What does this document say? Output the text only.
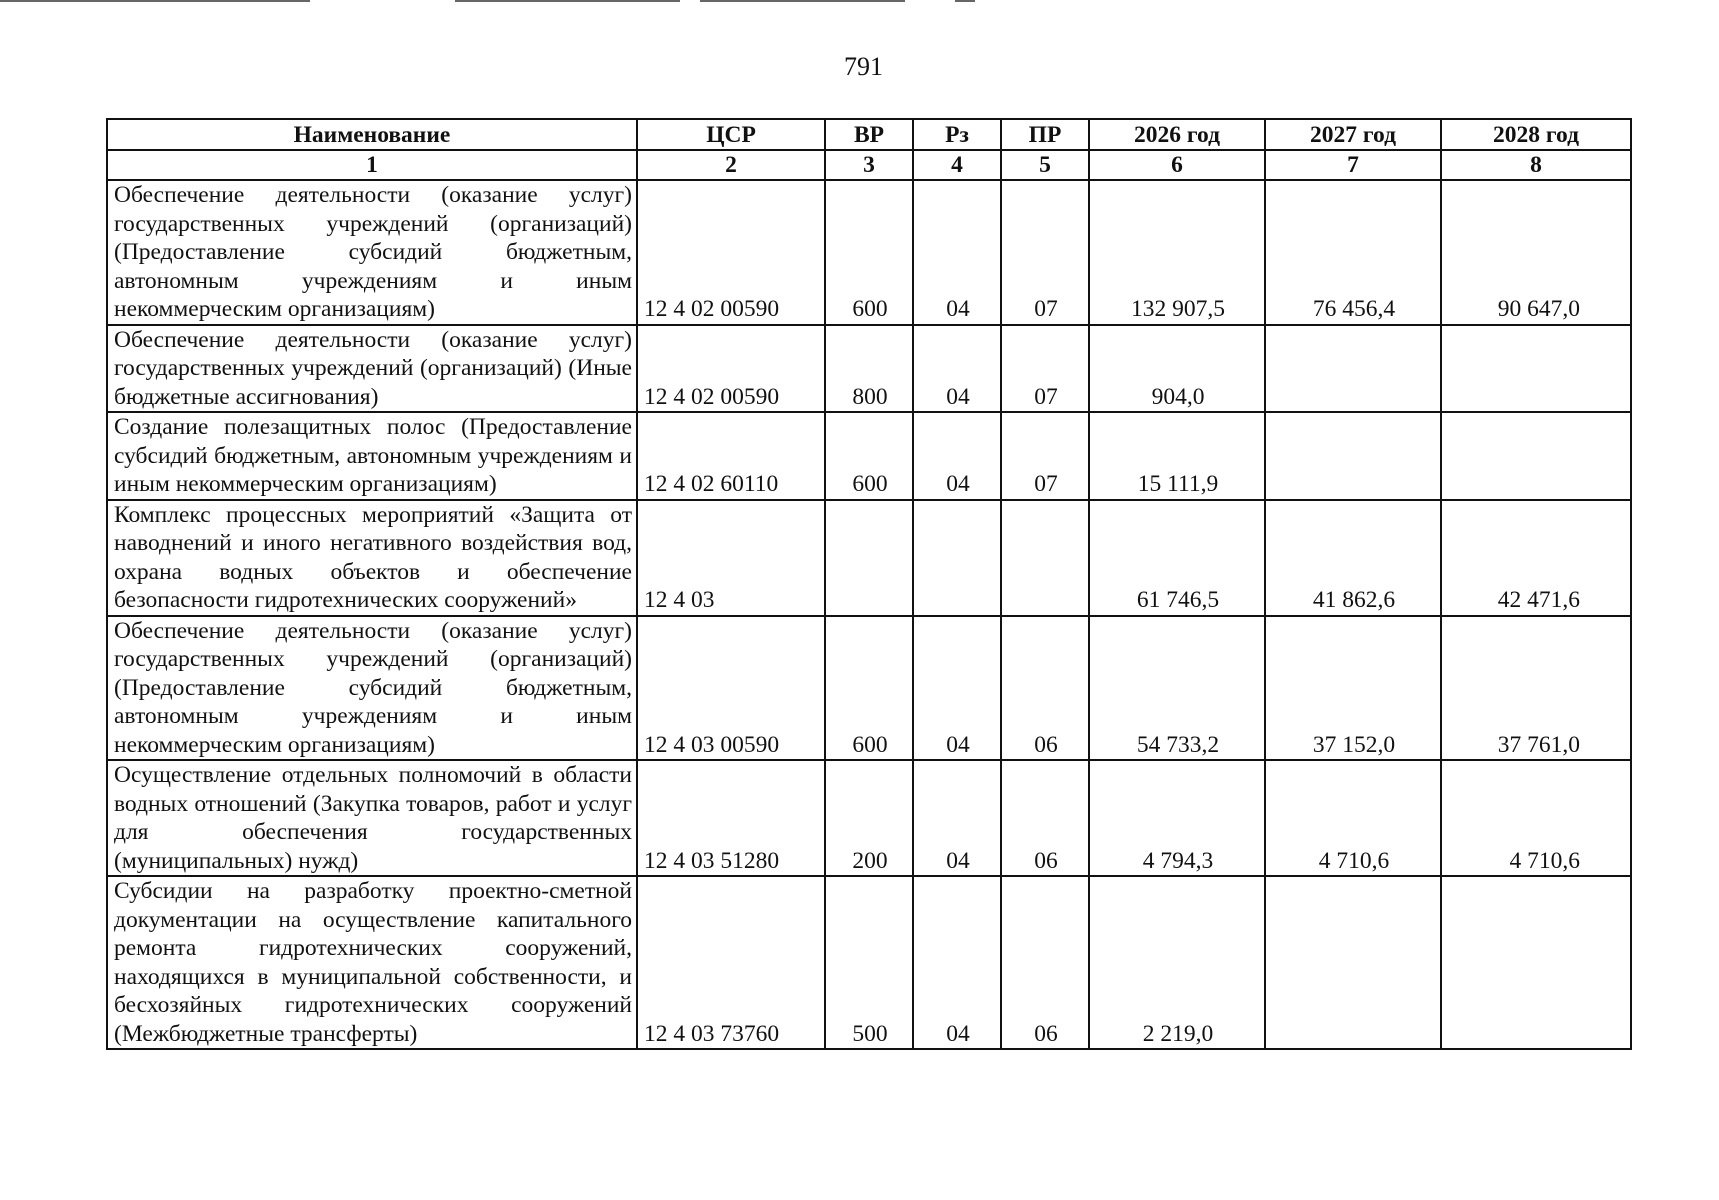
791
Наименование	ЦСР	ВР	Рз	ПР	2026 год	2027 год	2028 год
1	2	3	4	5	6	7	8
Обеспечение деятельности (оказание услуг) государственных учреждений (организаций) (Предоставление субсидий бюджетным, автономным учреждениям и иным некоммерческим организациям)	12 4 02 00590	600	04	07	132 907,5	76 456,4	90 647,0
Обеспечение деятельности (оказание услуг) государственных учреждений (организаций) (Иные бюджетные ассигнования)	12 4 02 00590	800	04	07	904,0		
Создание полезащитных полос (Предоставление субсидий бюджетным, автономным учреждениям и иным некоммерческим организациям)	12 4 02 60110	600	04	07	15 111,9		
Комплекс процессных мероприятий «Защита от наводнений и иного негативного воздействия вод, охрана водных объектов и обеспечение безопасности гидротехнических сооружений»	12 4 03				61 746,5	41 862,6	42 471,6
Обеспечение деятельности (оказание услуг) государственных учреждений (организаций) (Предоставление субсидий бюджетным, автономным учреждениям и иным некоммерческим организациям)	12 4 03 00590	600	04	06	54 733,2	37 152,0	37 761,0
Осуществление отдельных полномочий в области водных отношений (Закупка товаров, работ и услуг для обеспечения государственных (муниципальных) нужд)	12 4 03 51280	200	04	06	4 794,3	4 710,6	4 710,6
Субсидии на разработку проектно-сметной документации на осуществление капитального ремонта гидротехнических сооружений, находящихся в муниципальной собственности, и бесхозяйных гидротехнических сооружений (Межбюджетные трансферты)	12 4 03 73760	500	04	06	2 219,0		
